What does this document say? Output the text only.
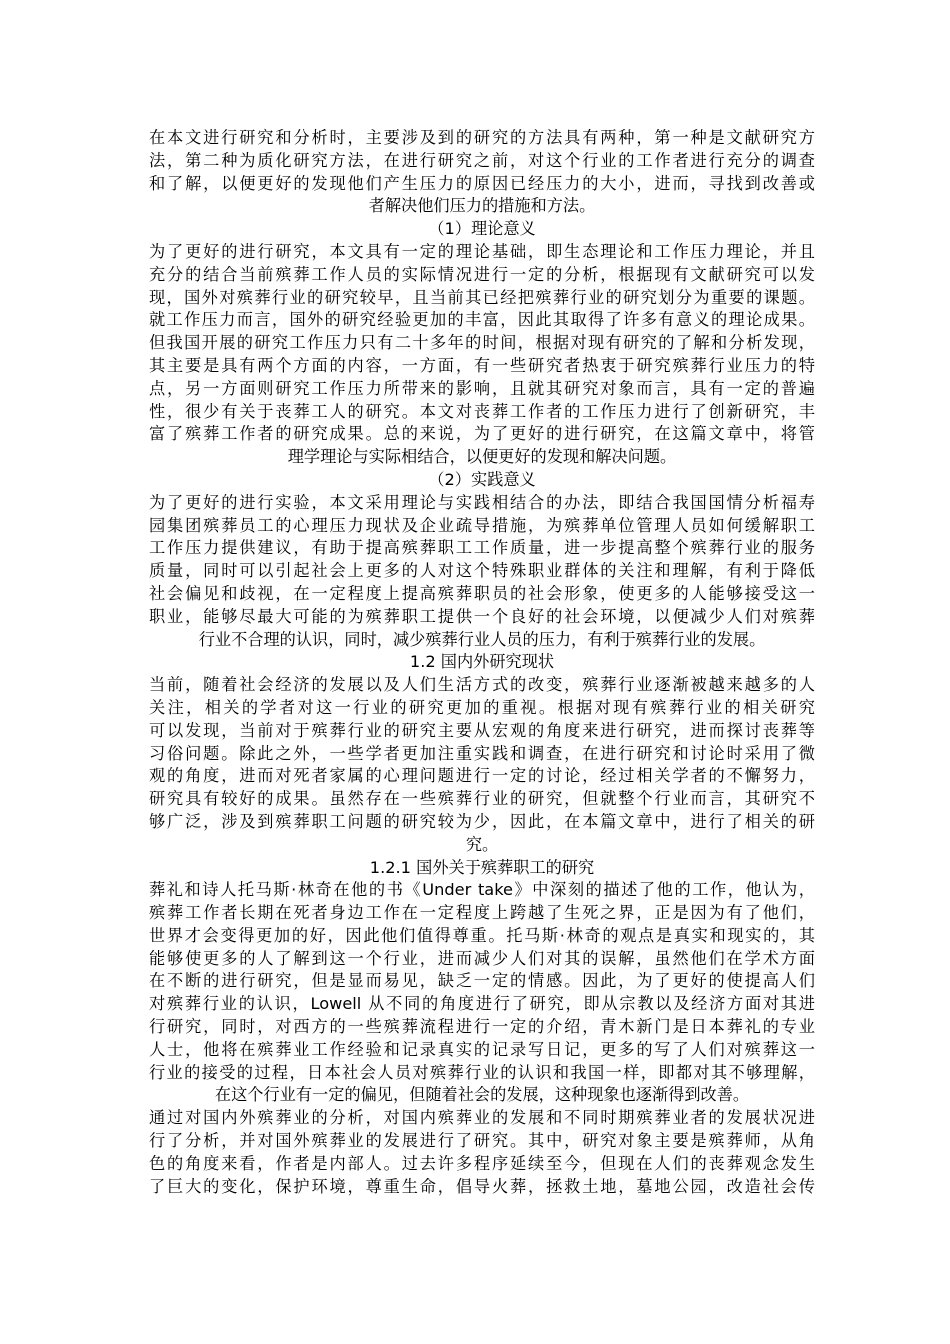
在本文进行研究和分析时，主要涉及到的研究的方法具有两种，第一种是文献研究方
法，第二种为质化研究方法，在进行研究之前，对这个行业的工作者进行充分的调查
和了解，以便更好的发现他们产生压力的原因已经压力的大小，进而，寻找到改善或
者解决他们压力的措施和方法。
（1）理论意义
为了更好的进行研究，本文具有一定的理论基础，即生态理论和工作压力理论，并且
充分的结合当前殡葬工作人员的实际情况进行一定的分析，根据现有文献研究可以发
现，国外对殡葬行业的研究较早，且当前其已经把殡葬行业的研究划分为重要的课题。
就工作压力而言，国外的研究经验更加的丰富，因此其取得了许多有意义的理论成果。
但我国开展的研究工作压力只有二十多年的时间，根据对现有研究的了解和分析发现，
其主要是具有两个方面的内容，一方面，有一些研究者热衷于研究殡葬行业压力的特
点，另一方面则研究工作压力所带来的影响，且就其研究对象而言，具有一定的普遍
性，很少有关于丧葬工人的研究。本文对丧葬工作者的工作压力进行了创新研究，丰
富了殡葬工作者的研究成果。总的来说，为了更好的进行研究，在这篇文章中，将管
理学理论与实际相结合，以便更好的发现和解决问题。
（2）实践意义
为了更好的进行实验，本文采用理论与实践相结合的办法，即结合我国国情分析福寿
园集团殡葬员工的心理压力现状及企业疏导措施，为殡葬单位管理人员如何缓解职工
工作压力提供建议，有助于提高殡葬职工工作质量，进一步提高整个殡葬行业的服务
质量，同时可以引起社会上更多的人对这个特殊职业群体的关注和理解，有利于降低
社会偏见和歧视，在一定程度上提高殡葬职员的社会形象，使更多的人能够接受这一
职业，能够尽最大可能的为殡葬职工提供一个良好的社会环境，以便减少人们对殡葬
行业不合理的认识，同时，减少殡葬行业人员的压力，有利于殡葬行业的发展。
1.2 国内外研究现状
当前，随着社会经济的发展以及人们生活方式的改变，殡葬行业逐渐被越来越多的人
关注，相关的学者对这一行业的研究更加的重视。根据对现有殡葬行业的相关研究
可以发现，当前对于殡葬行业的研究主要从宏观的角度来进行研究，进而探讨丧葬等
习俗问题。除此之外，一些学者更加注重实践和调查，在进行研究和讨论时采用了微
观的角度，进而对死者家属的心理问题进行一定的讨论，经过相关学者的不懈努力，
研究具有较好的成果。虽然存在一些殡葬行业的研究，但就整个行业而言，其研究不
够广泛，涉及到殡葬职工问题的研究较为少，因此，在本篇文章中，进行了相关的研
究。
1.2.1 国外关于殡葬职工的研究
葬礼和诗人托马斯·林奇在他的书《Under take》中深刻的描述了他的工作，他认为，
殡葬工作者长期在死者身边工作在一定程度上跨越了生死之界，正是因为有了他们，
世界才会变得更加的好，因此他们值得尊重。托马斯·林奇的观点是真实和现实的，其
能够使更多的人了解到这一个行业，进而减少人们对其的误解，虽然他们在学术方面
在不断的进行研究，但是显而易见，缺乏一定的情感。因此，为了更好的使提高人们
对殡葬行业的认识，Lowell 从不同的角度进行了研究，即从宗教以及经济方面对其进
行研究，同时，对西方的一些殡葬流程进行一定的介绍，青木新门是日本葬礼的专业
人士，他将在殡葬业工作经验和记录真实的记录写日记，更多的写了人们对殡葬这一
行业的接受的过程，日本社会人员对殡葬行业的认识和我国一样，即都对其不够理解，
在这个行业有一定的偏见，但随着社会的发展，这种现象也逐渐得到改善。
通过对国内外殡葬业的分析，对国内殡葬业的发展和不同时期殡葬业者的发展状况进
行了分析，并对国外殡葬业的发展进行了研究。其中，研究对象主要是殡葬师，从角
色的角度来看，作者是内部人。过去许多程序延续至今，但现在人们的丧葬观念发生
了巨大的变化，保护环境，尊重生命，倡导火葬，拯救土地，墓地公园，改造社会传
